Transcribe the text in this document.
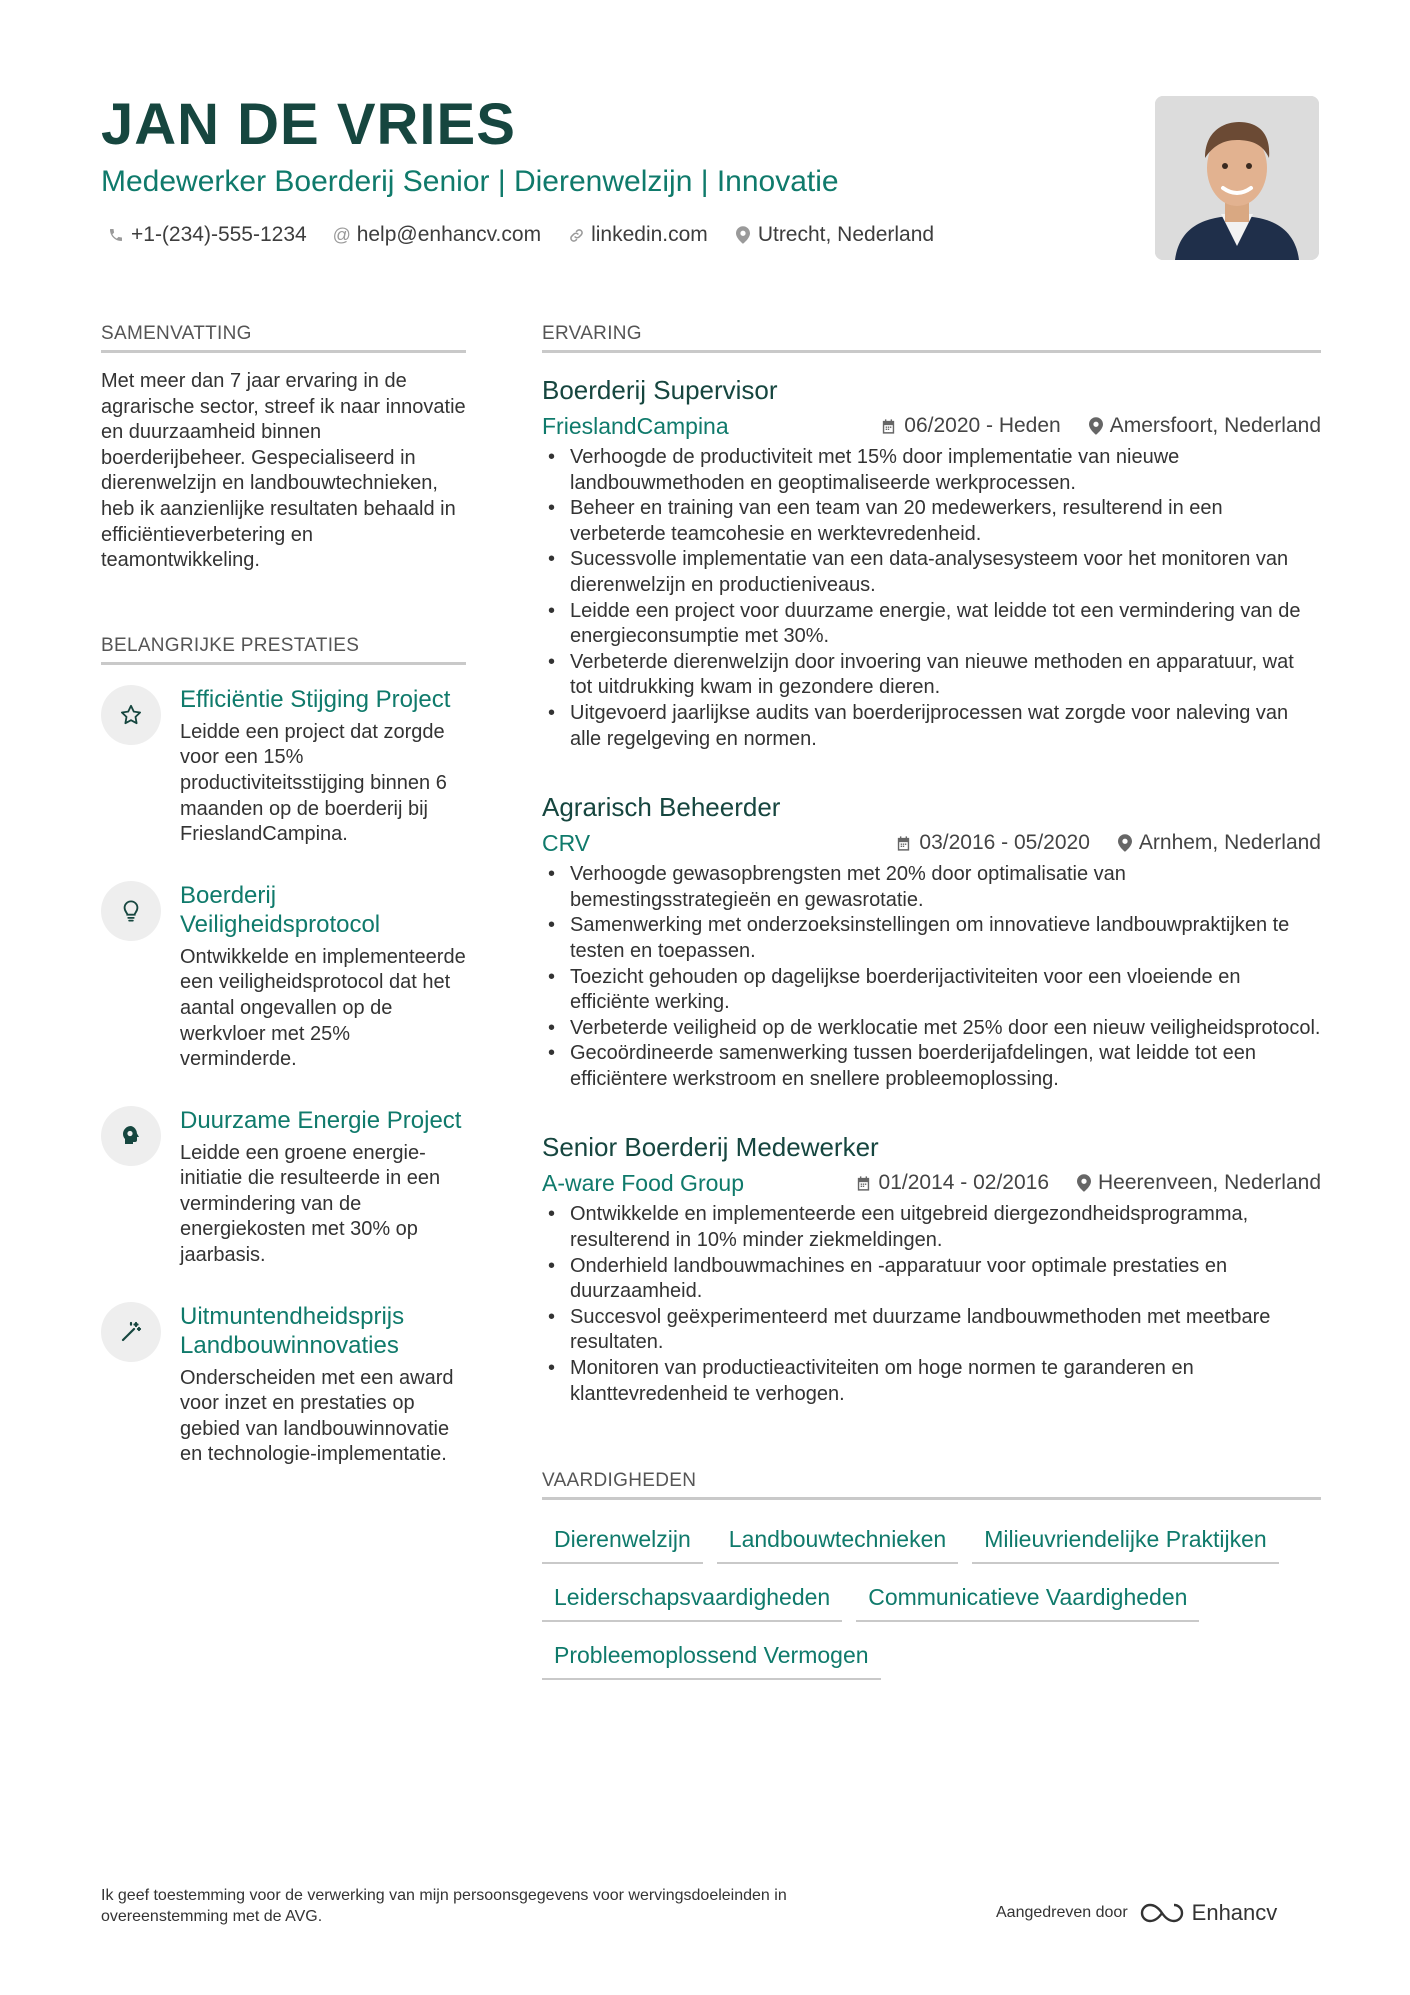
JAN DE VRIES
Medewerker Boerderij Senior | Dierenwelzijn | Innovatie
+1-(234)-555-1234 @ help@enhancv.com linkedin.com Utrecht, Nederland
SAMENVATTING
Met meer dan 7 jaar ervaring in de agrarische sector, streef ik naar innovatie en duurzaamheid binnen boerderijbeheer. Gespecialiseerd in dierenwelzijn en landbouwtechnieken, heb ik aanzienlijke resultaten behaald in efficiëntieverbetering en teamontwikkeling.
BELANGRIJKE PRESTATIES
Efficiëntie Stijging Project
Leidde een project dat zorgde voor een 15% productiviteitsstijging binnen 6 maanden op de boerderij bij FrieslandCampina.
Boerderij Veiligheidsprotocol
Ontwikkelde en implementeerde een veiligheidsprotocol dat het aantal ongevallen op de werkvloer met 25% verminderde.
Duurzame Energie Project
Leidde een groene energie-initiatie die resulteerde in een vermindering van de energiekosten met 30% op jaarbasis.
Uitmuntendheidsprijs Landbouwinnovaties
Onderscheiden met een award voor inzet en prestaties op gebied van landbouwinnovatie en technologie-implementatie.
ERVARING
Boerderij Supervisor
FrieslandCampina	06/2020 - Heden Amersfoort, Nederland
• Verhoogde de productiviteit met 15% door implementatie van nieuwe landbouwmethoden en geoptimaliseerde werkprocessen.
• Beheer en training van een team van 20 medewerkers, resulterend in een verbeterde teamcohesie en werktevredenheid.
• Sucessvolle implementatie van een data-analysesysteem voor het monitoren van dierenwelzijn en productieniveaus.
• Leidde een project voor duurzame energie, wat leidde tot een vermindering van de energieconsumptie met 30%.
• Verbeterde dierenwelzijn door invoering van nieuwe methoden en apparatuur, wat tot uitdrukking kwam in gezondere dieren.
• Uitgevoerd jaarlijkse audits van boerderijprocessen wat zorgde voor naleving van alle regelgeving en normen.
Agrarisch Beheerder
CRV	03/2016 - 05/2020 Arnhem, Nederland
• Verhoogde gewasopbrengsten met 20% door optimalisatie van bemestingsstrategieën en gewasrotatie.
• Samenwerking met onderzoeksinstellingen om innovatieve landbouwpraktijken te testen en toepassen.
• Toezicht gehouden op dagelijkse boerderijactiviteiten voor een vloeiende en efficiënte werking.
• Verbeterde veiligheid op de werklocatie met 25% door een nieuw veiligheidsprotocol.
• Gecoördineerde samenwerking tussen boerderijafdelingen, wat leidde tot een efficiëntere werkstroom en snellere probleemoplossing.
Senior Boerderij Medewerker
A-ware Food Group	01/2014 - 02/2016 Heerenveen, Nederland
• Ontwikkelde en implementeerde een uitgebreid diergezondheidsprogramma, resulterend in 10% minder ziekmeldingen.
• Onderhield landbouwmachines en -apparatuur voor optimale prestaties en duurzaamheid.
• Succesvol geëxperimenteerd met duurzame landbouwmethoden met meetbare resultaten.
• Monitoren van productieactiviteiten om hoge normen te garanderen en klanttevredenheid te verhogen.
VAARDIGHEDEN
Dierenwelzijn	Landbouwtechnieken	Milieuvriendelijke Praktijken
Leiderschapsvaardigheden	Communicatieve Vaardigheden
Probleemoplossend Vermogen
Ik geef toestemming voor de verwerking van mijn persoonsgegevens voor wervingsdoeleinden in overeenstemming met de AVG.	Aangedreven door	Enhancv
